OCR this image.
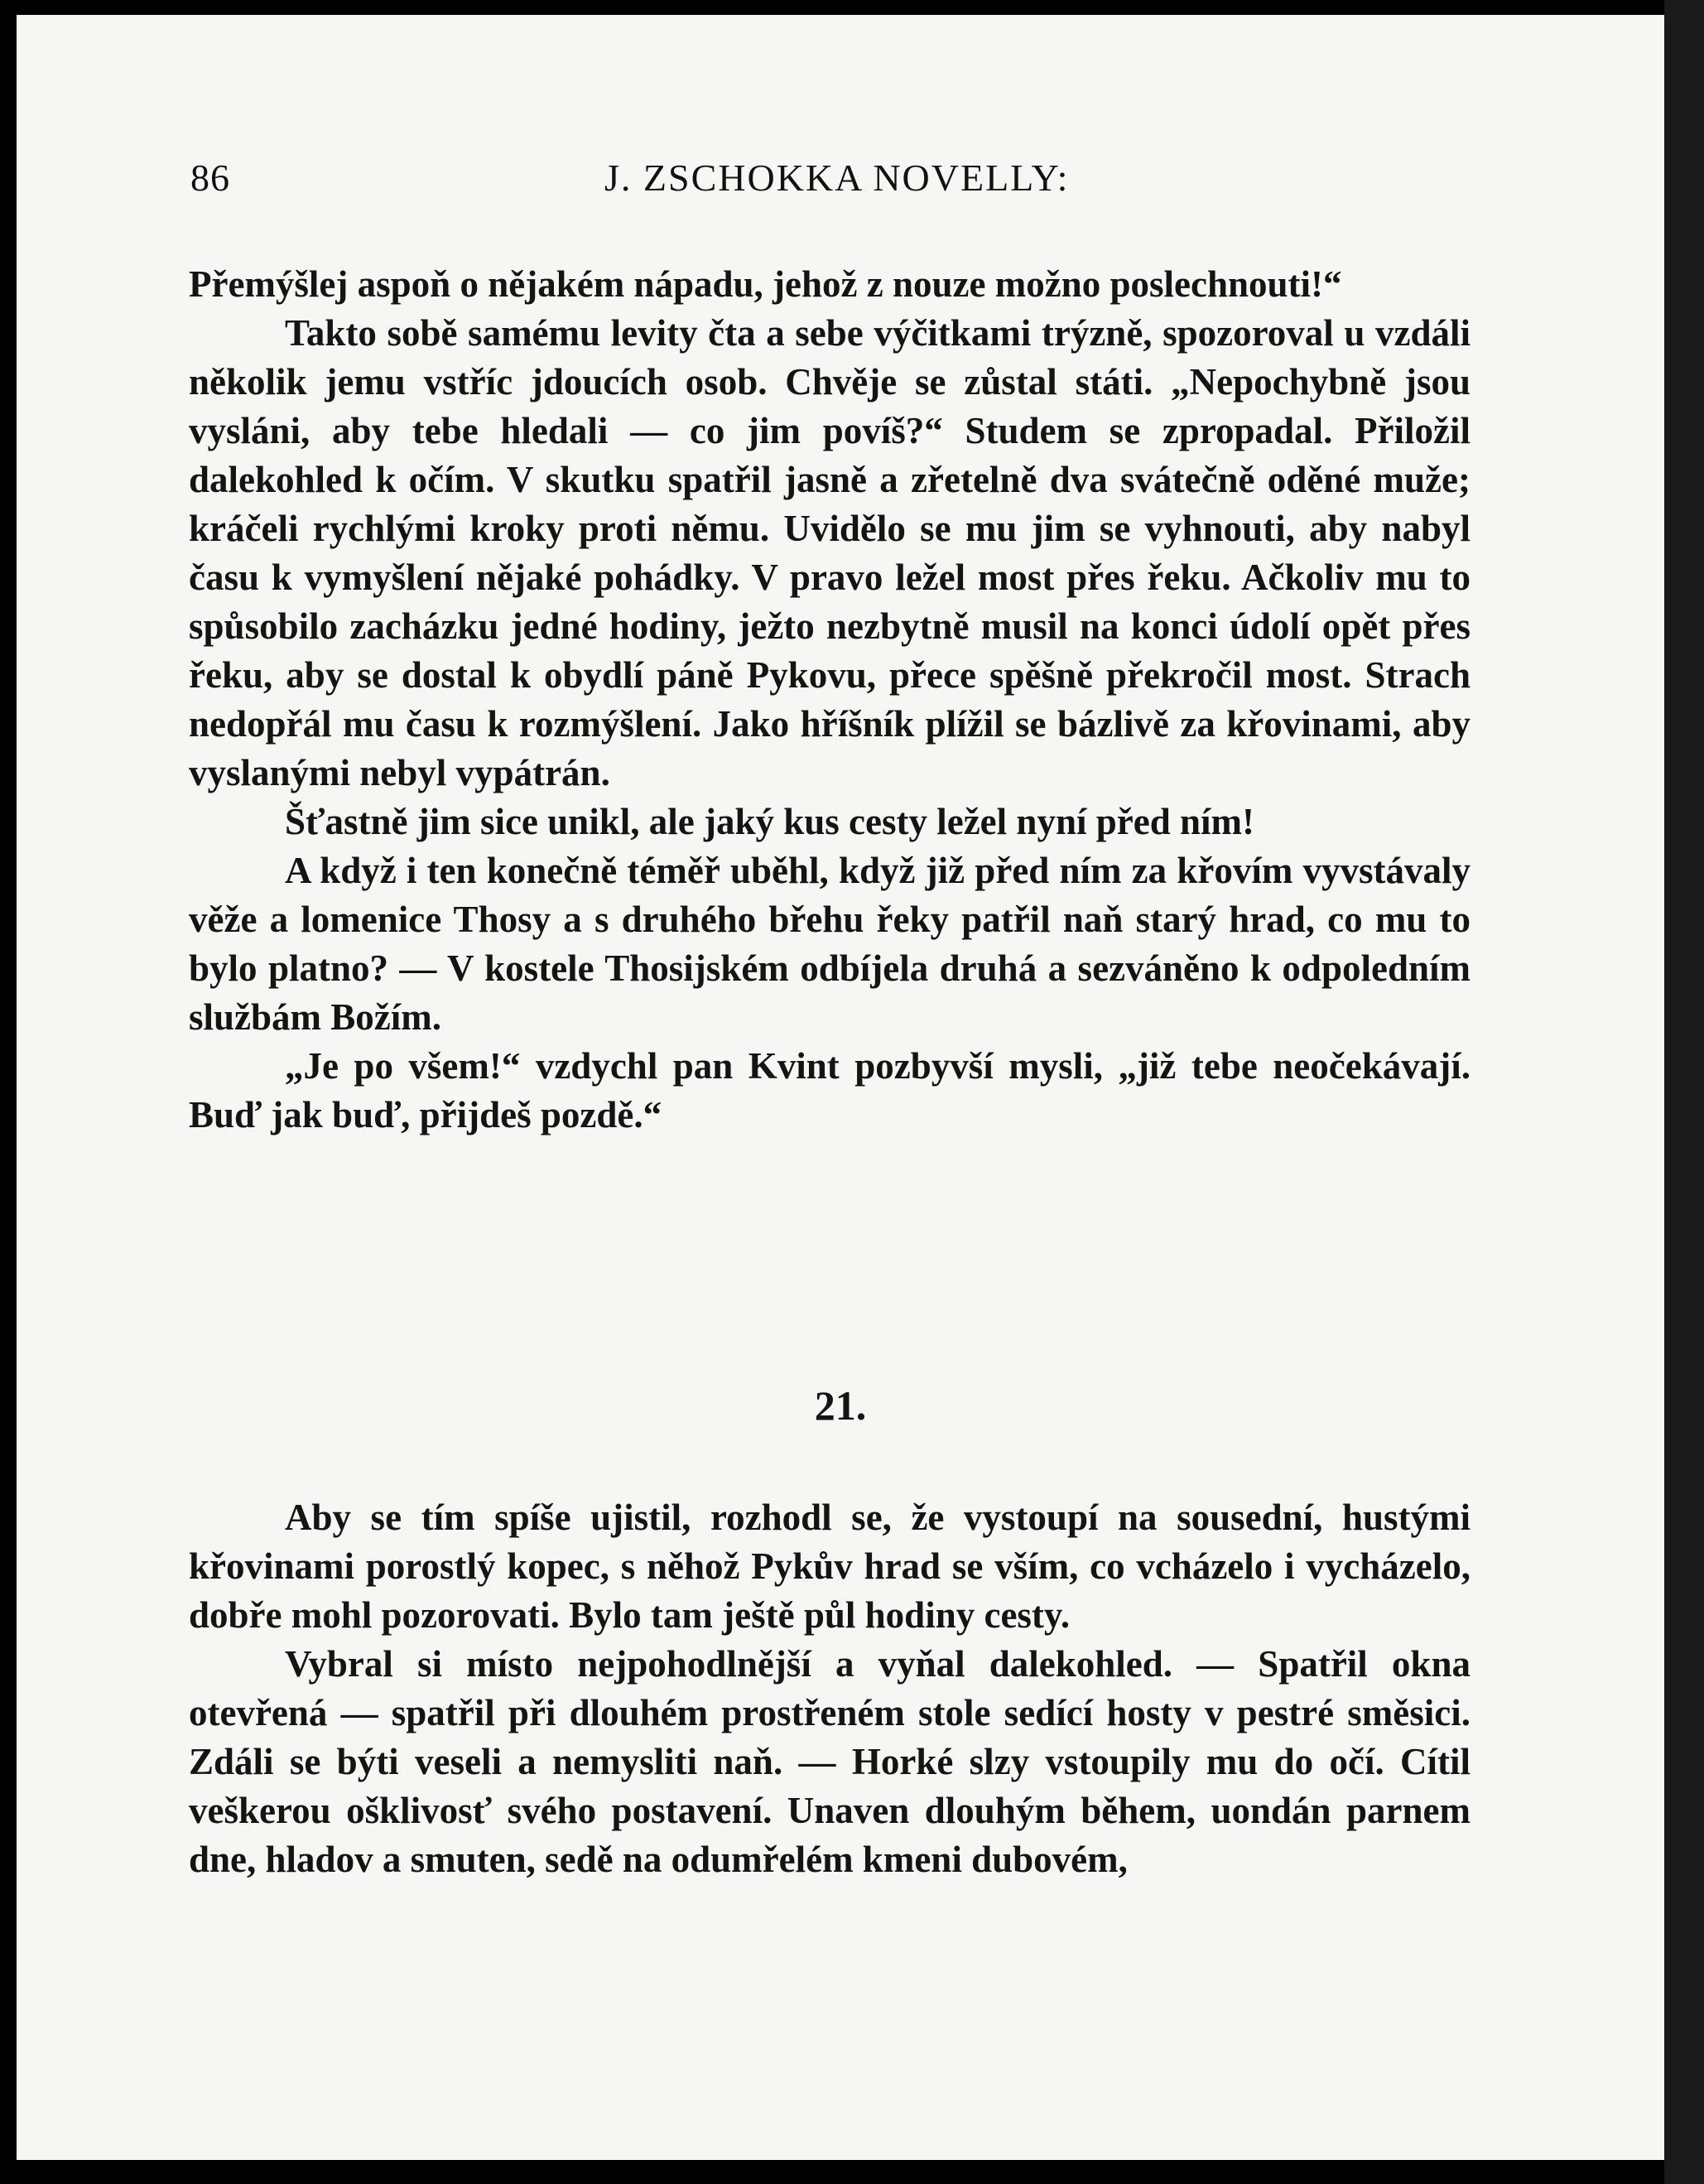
86	J. ZSCHOKKA NOVELLY:

Přemýšlej aspoň o nějakém nápadu, jehož z nouze možno poslechnouti!“

Takto sobě samému levity čta a sebe výčitkami trýzně, spozoroval u vzdáli několik jemu vstříc jdoucích osob. Chvěje se zůstal státi. „Nepochybně jsou vysláni, aby tebe hledali — co jim povíš?“ Studem se zpropadal. Přiložil dalekohled k očím. V skutku spatřil jasně a zřetelně dva svátečně oděné muže; kráčeli rychlými kroky proti němu. Uvidělo se mu jim se vyhnouti, aby nabyl času k vymyšlení nějaké pohádky. V pravo ležel most přes řeku. Ačkoliv mu to spůsobilo zacházku jedné hodiny, ježto nezbytně musil na konci údolí opět přes řeku, aby se dostal k obydlí páně Pykovu, přece spěšně překročil most. Strach nedopřál mu času k rozmýšlení. Jako hříšník plížil se bázlivě za křovinami, aby vyslanými nebyl vypátrán.

Šťastně jim sice unikl, ale jaký kus cesty ležel nyní před ním!

A když i ten konečně téměř uběhl, když již před ním za křovím vyvstávaly věže a lomenice Thosy a s druhého břehu řeky patřil naň starý hrad, co mu to bylo platno? — V kostele Thosijském odbíjela druhá a sezváněno k odpoledním službám Božím.

„Je po všem!“ vzdychl pan Kvint pozbyvší mysli, „již tebe neočekávají. Buď jak buď, přijdeš pozdě.“

21.

Aby se tím spíše ujistil, rozhodl se, že vystoupí na sousední, hustými křovinami porostlý kopec, s něhož Pykův hrad se vším, co vcházelo i vycházelo, dobře mohl pozorovati. Bylo tam ještě půl hodiny cesty.

Vybral si místo nejpohodlnější a vyňal dalekohled. — Spatřil okna otevřená — spatřil při dlouhém prostřeném stole sedící hosty v pestré směsici. Zdáli se býti veseli a nemysliti naň. — Horké slzy vstoupily mu do očí. Cítil veškerou ošklivosť svého postavení. Unaven dlouhým během, uondán parnem dne, hladov a smuten, sedě na odumřelém kmeni dubovém,
